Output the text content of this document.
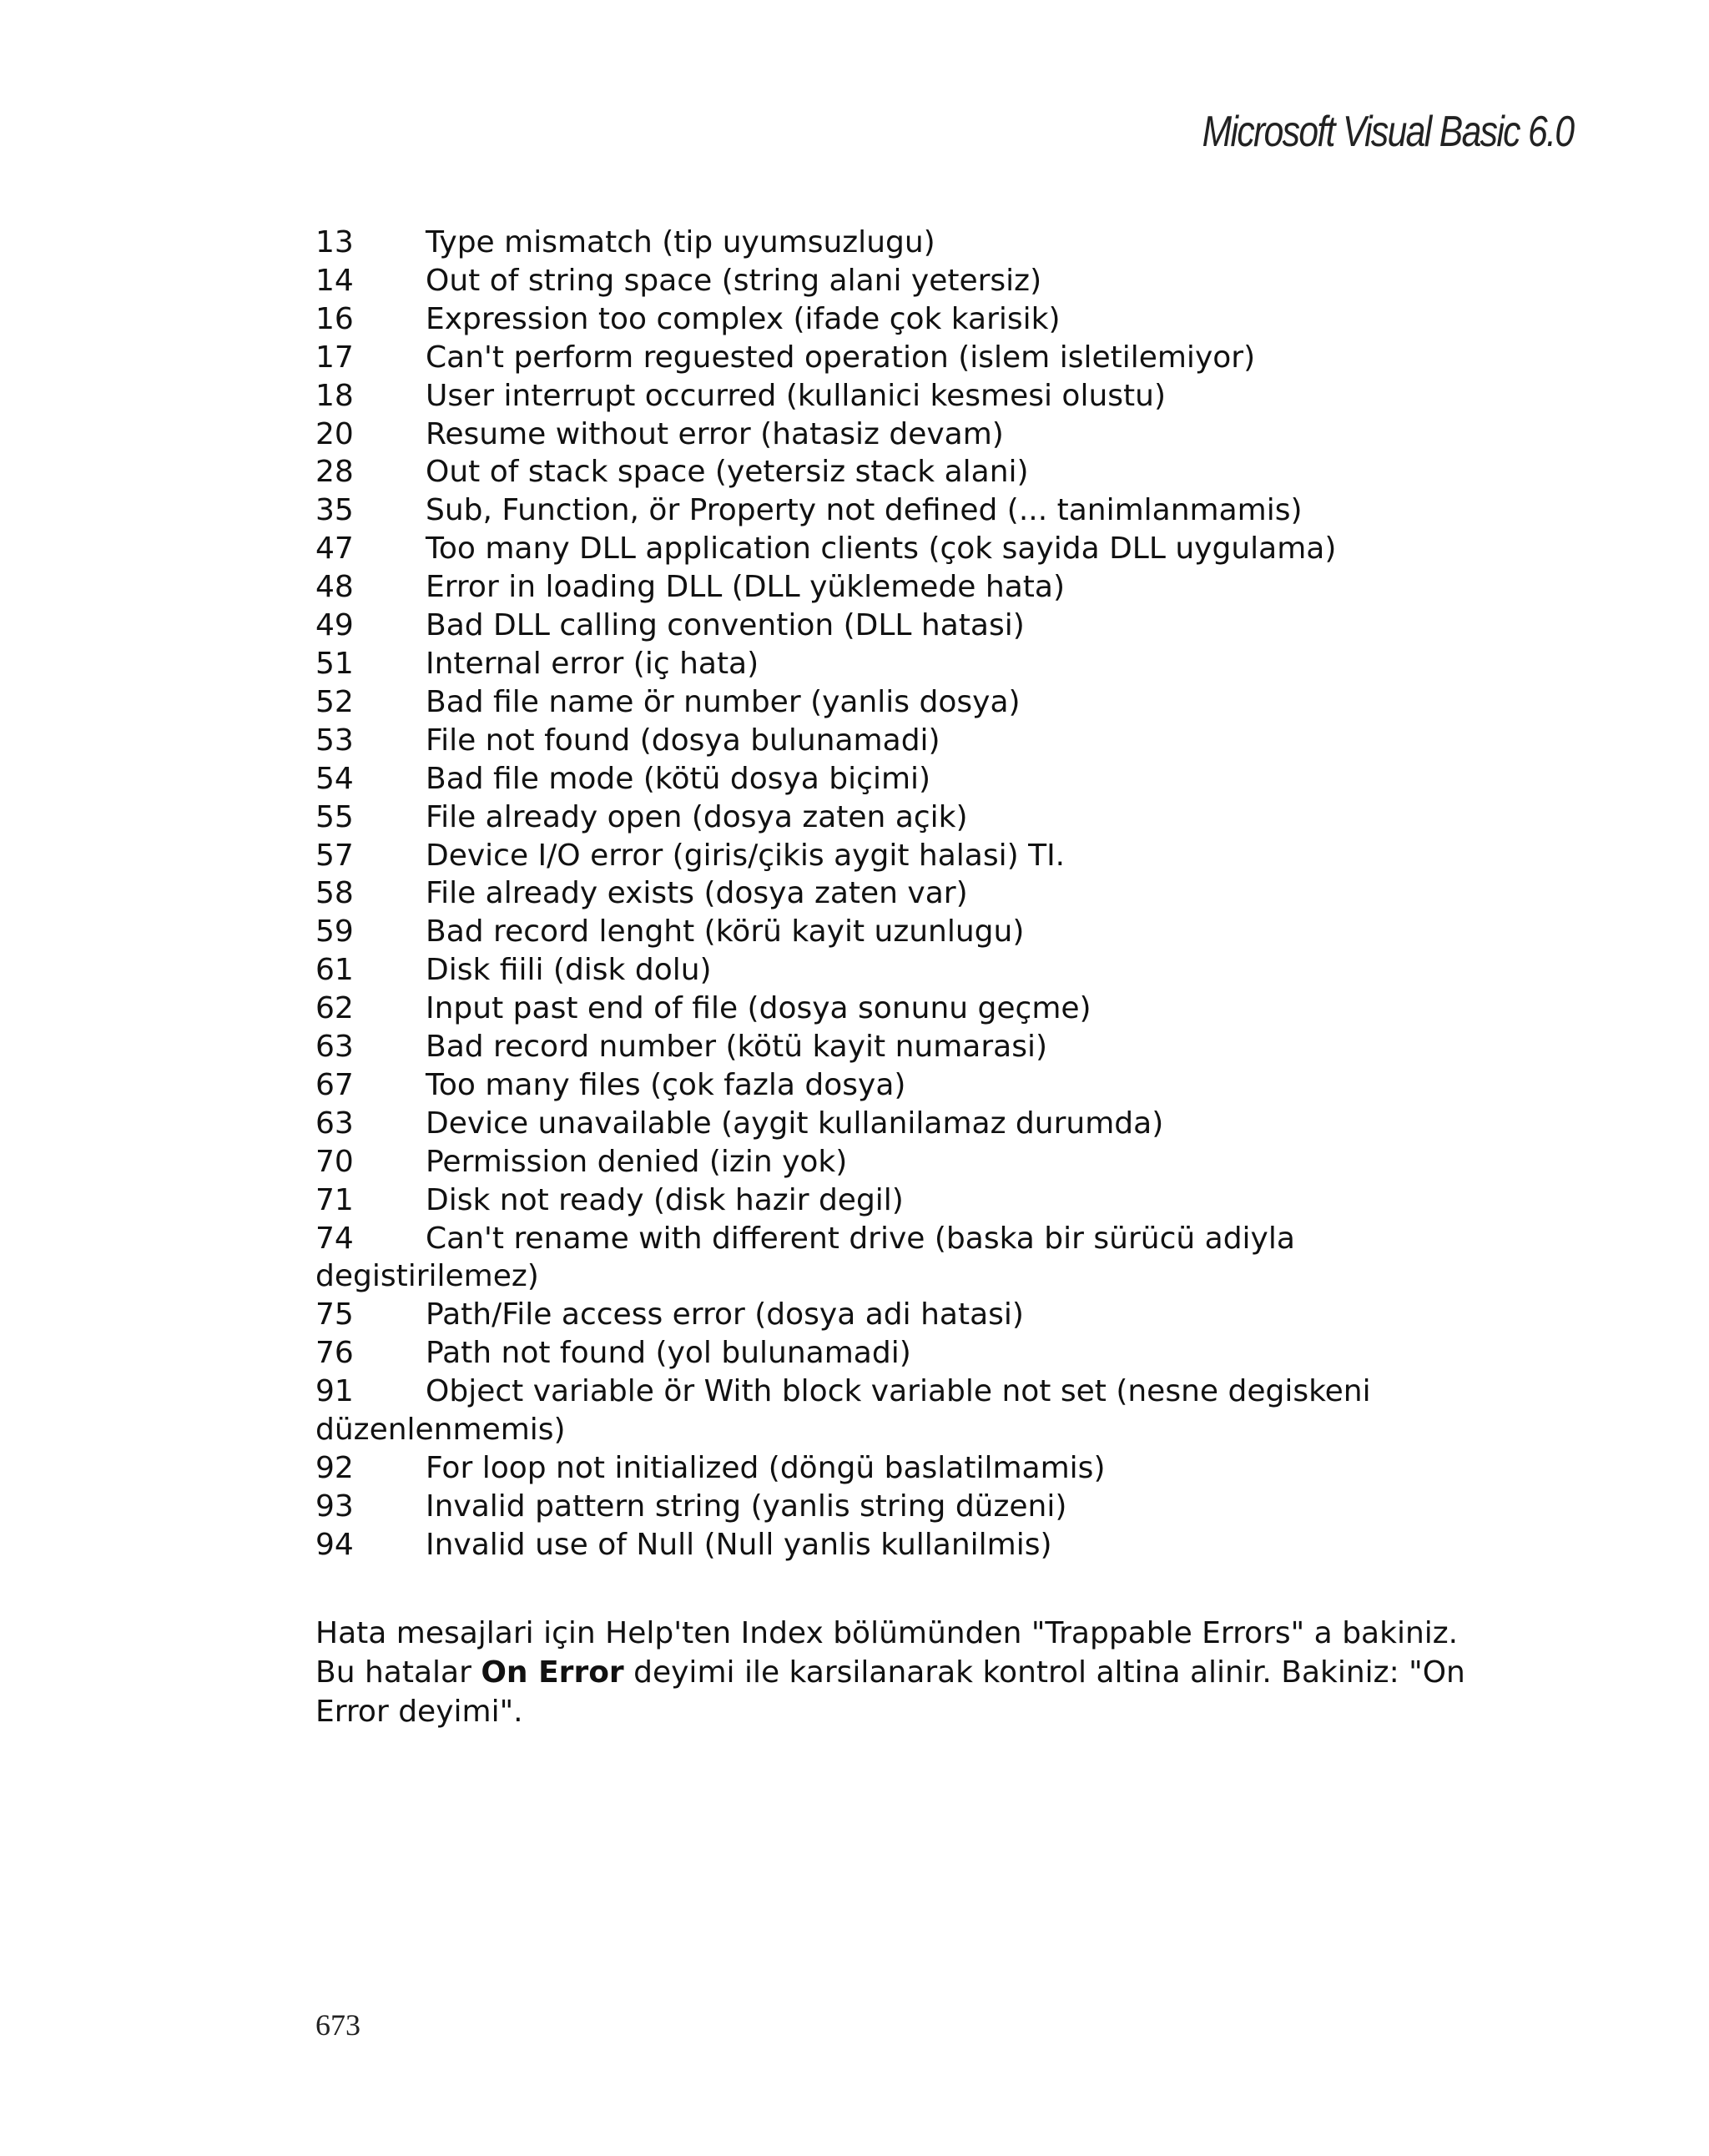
Microsoft Visual Basic 6.0
13 Type mismatch (tip uyumsuzlugu)
14 Out of string space (string alani yetersiz)
16 Expression too complex (ifade çok karisik)
17 Can't perform reguested operation (islem isletilemiyor)
18 User interrupt occurred (kullanici kesmesi olustu)
20 Resume without error (hatasiz devam)
28 Out of stack space (yetersiz stack alani)
35 Sub, Function, ör Property not defined (... tanimlanmamis)
47 Too many DLL application clients (çok sayida DLL uygulama)
48 Error in loading DLL (DLL yüklemede hata)
49 Bad DLL calling convention (DLL hatasi)
51 Internal error (iç hata)
52 Bad file name ör number (yanlis dosya)
53 File not found (dosya bulunamadi)
54 Bad file mode (kötü dosya biçimi)
55 File already open (dosya zaten açik)
57 Device I/O error (giris/çikis aygit halasi) TI.
58 File already exists (dosya zaten var)
59 Bad record lenght (körü kayit uzunlugu)
61 Disk fiili (disk dolu)
62 Input past end of file (dosya sonunu geçme)
63 Bad record number (kötü kayit numarasi)
67 Too many files (çok fazla dosya)
63 Device unavailable (aygit kullanilamaz durumda)
70 Permission denied (izin yok)
71 Disk not ready (disk hazir degil)
74 Can't rename with different drive (baska bir sürücü adiyla
degistirilemez)
75 Path/File access error (dosya adi hatasi)
76 Path not found (yol bulunamadi)
91 Object variable ör With block variable not set (nesne degiskeni
düzenlenmemis)
92 For loop not initialized (döngü baslatilmamis)
93 Invalid pattern string (yanlis string düzeni)
94 Invalid use of Null (Null yanlis kullanilmis)

Hata mesajlari için Help'ten Index bölümünden "Trappable Errors" a bakiniz.
Bu hatalar On Error deyimi ile karsilanarak kontrol altina alinir. Bakiniz: "On
Error deyimi".

673
